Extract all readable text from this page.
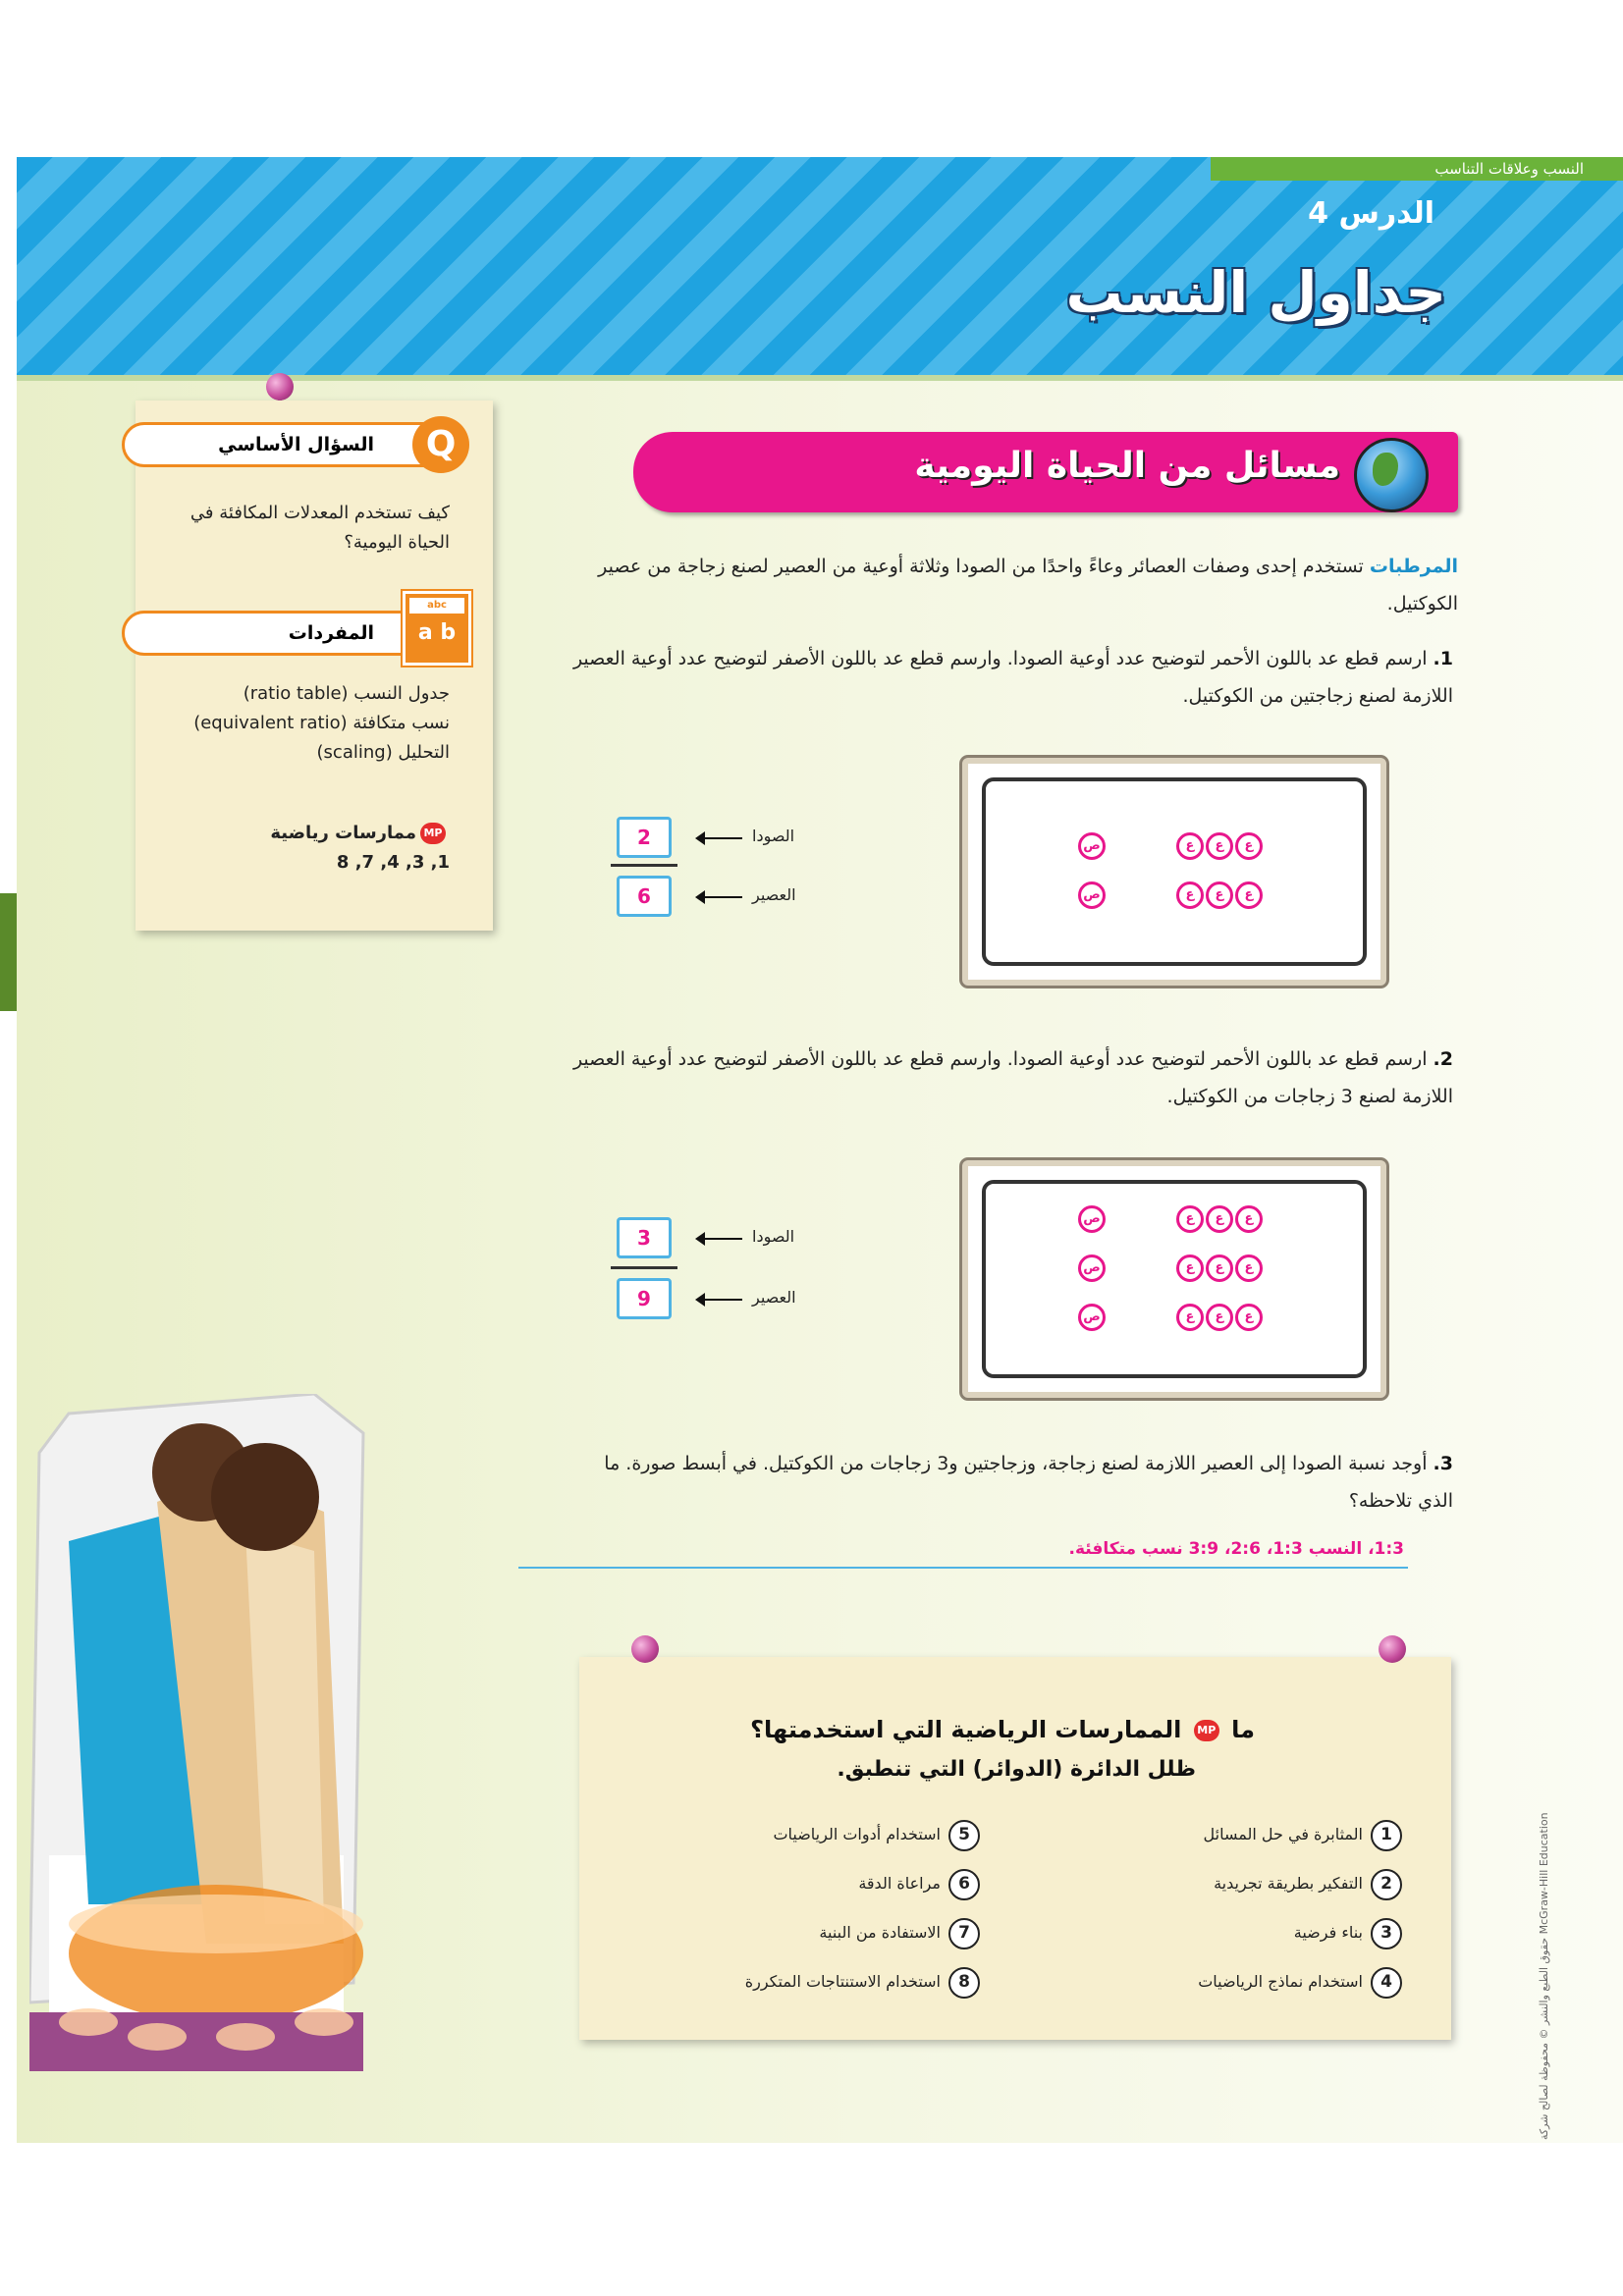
النسب وعلاقات التناسب
الدرس 4
جداول النسب
السؤال الأساسي	Q
كيف تستخدم المعدلات المكافئة في الحياة اليومية؟
المفردات
abc
a b
جدول النسب (ratio table)
نسب متكافئة (equivalent ratio)
التحليل (scaling)
MPممارسات رياضية
1, 3, 4, 7, 8
مسائل من الحياة اليومية
المرطبات تستخدم إحدى وصفات العصائر وعاءً واحدًا من الصودا وثلاثة أوعية من العصير لصنع زجاجة من عصير الكوكتيل.
1. ارسم قطع عد باللون الأحمر لتوضيح عدد أوعية الصودا. وارسم قطع عد باللون الأصفر لتوضيح عدد أوعية العصير اللازمة لصنع زجاجتين من الكوكتيل.
ص
ص
ع	ع	ع
ع	ع	ع
2
6
الصودا
العصير
2. ارسم قطع عد باللون الأحمر لتوضيح عدد أوعية الصودا. وارسم قطع عد باللون الأصفر لتوضيح عدد أوعية العصير اللازمة لصنع 3 زجاجات من الكوكتيل.
ص
ص
ص
ع	ع	ع
ع	ع	ع
ع	ع	ع
3
9
الصودا
العصير
3. أوجد نسبة الصودا إلى العصير اللازمة لصنع زجاجة، وزجاجتين و3 زجاجات من الكوكتيل. في أبسط صورة. ما الذي تلاحظه؟
1:3، النسب 1:3، 2:6، 3:9 نسب متكافئة.
ما MP الممارسات الرياضية التي استخدمتها؟
ظلل الدائرة (الدوائر) التي تنطبق.
1المثابرة في حل المسائل
2التفكير بطريقة تجريدية
3بناء فرضية
4استخدام نماذج الرياضيات
5استخدام أدوات الرياضيات
6مراعاة الدقة
7الاستفادة من البنية
8استخدام الاستنتاجات المتكررة	حقوق الطبع والنشر © محفوظة لصالح شركة McGraw-Hill Education
